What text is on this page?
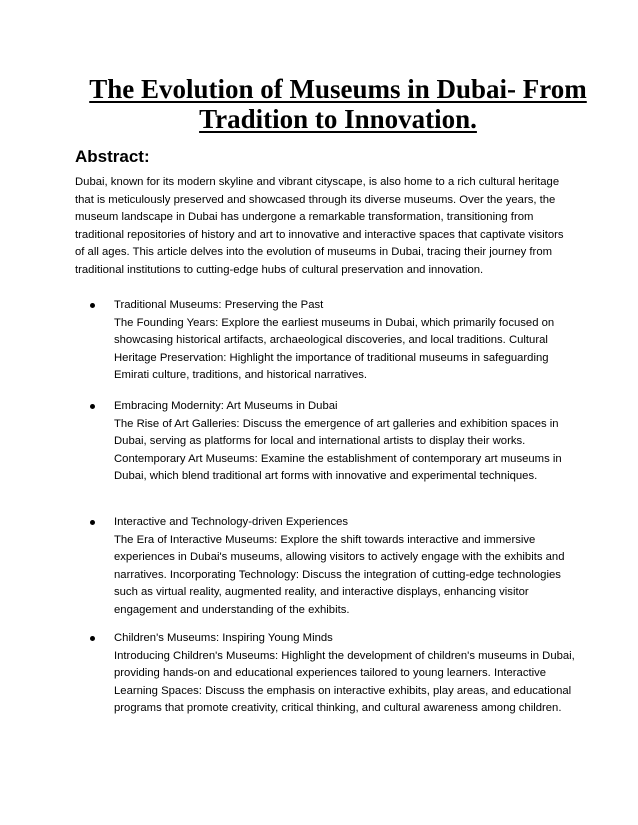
The Evolution of Museums in Dubai- From
Tradition to Innovation.
Abstract:

Dubai, known for its modern skyline and vibrant cityscape, is also home to a rich cultural heritage that is meticulously preserved and showcased through its diverse museums. Over the years, the museum landscape in Dubai has undergone a remarkable transformation, transitioning from traditional repositories of history and art to innovative and interactive spaces that captivate visitors of all ages. This article delves into the evolution of museums in Dubai, tracing their journey from traditional institutions to cutting-edge hubs of cultural preservation and innovation.

Traditional Museums: Preserving the Past
The Founding Years: Explore the earliest museums in Dubai, which primarily focused on showcasing historical artifacts, archaeological discoveries, and local traditions. Cultural Heritage Preservation: Highlight the importance of traditional museums in safeguarding Emirati culture, traditions, and historical narratives.
Embracing Modernity: Art Museums in Dubai
The Rise of Art Galleries: Discuss the emergence of art galleries and exhibition spaces in Dubai, serving as platforms for local and international artists to display their works. Contemporary Art Museums: Examine the establishment of contemporary art museums in Dubai, which blend traditional art forms with innovative and experimental techniques.
Interactive and Technology-driven Experiences
The Era of Interactive Museums: Explore the shift towards interactive and immersive experiences in Dubai's museums, allowing visitors to actively engage with the exhibits and narratives. Incorporating Technology: Discuss the integration of cutting-edge technologies such as virtual reality, augmented reality, and interactive displays, enhancing visitor engagement and understanding of the exhibits.
Children's Museums: Inspiring Young Minds
Introducing Children's Museums: Highlight the development of children's museums in Dubai, providing hands-on and educational experiences tailored to young learners. Interactive Learning Spaces: Discuss the emphasis on interactive exhibits, play areas, and educational programs that promote creativity, critical thinking, and cultural awareness among children.
